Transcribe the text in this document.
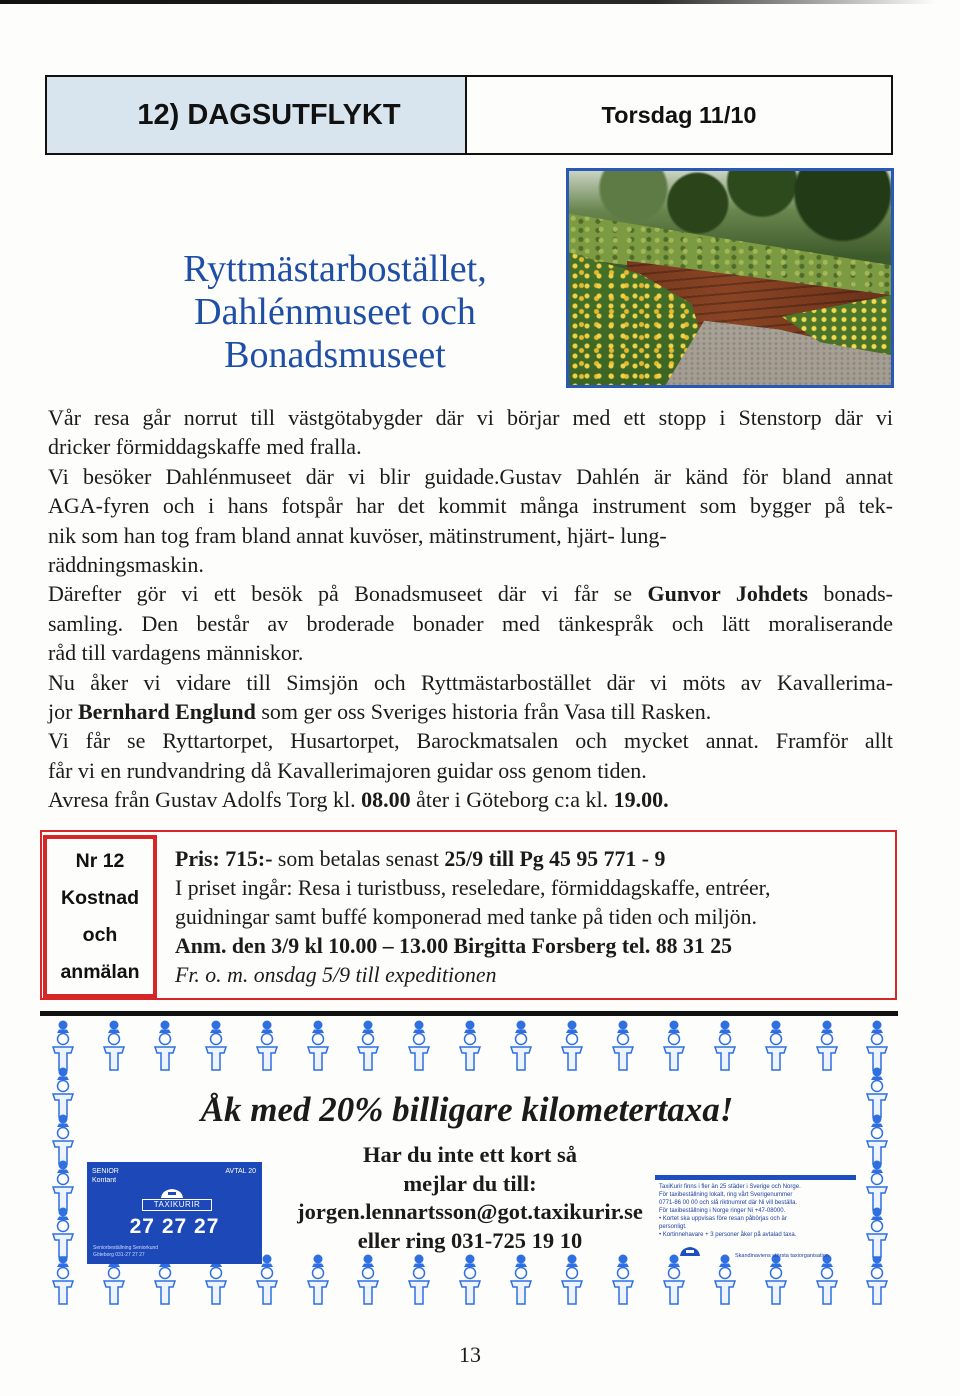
12) DAGSUTFLYKT	Torsdag 11/10
Ryttmästarbostället,
Dahlénmuseet och
Bonadsmuseet
Vår resa går norrut till västgötabygder där vi börjar med ett stopp i Stenstorp där vi
dricker förmiddagskaffe med fralla.
Vi besöker Dahlénmuseet där vi blir guidade.Gustav Dahlén är känd för bland annat
AGA-fyren och i hans fotspår har det kommit många instrument som bygger på tek-
nik som han tog fram bland annat kuvöser, mätinstrument, hjärt- lung-
räddningsmaskin.
Därefter gör vi ett besök på Bonadsmuseet där vi får se Gunvor Johdets bonads-
samling. Den består av broderade bonader med tänkespråk och lätt moraliserande
råd till vardagens människor.
Nu åker vi vidare till Simsjön och Ryttmästarbostället där vi möts av Kavallerima-
jor Bernhard Englund som ger oss Sveriges historia från Vasa till Rasken.
Vi får se Ryttartorpet, Husartorpet, Barockmatsalen och mycket annat. Framför allt
får vi en rundvandring då Kavallerimajoren guidar oss genom tiden.
Avresa från Gustav Adolfs Torg kl. 08.00 åter i Göteborg c:a kl. 19.00.
Nr 12
Kostnad
och
anmälan
Pris: 715:- som betalas senast 25/9 till Pg 45 95 771 - 9
I priset ingår: Resa i turistbuss, reseledare, förmiddagskaffe, entréer,
guidningar samt buffé komponerad med tanke på tiden och miljön.
Anm. den 3/9 kl 10.00 – 13.00 Birgitta Forsberg tel. 88 31 25
Fr. o. m. onsdag 5/9 till expeditionen
Åk med 20% billigare kilometertaxa!
SENIOR
Kontant
AVTAL 20
TAXIKURIR
27 27 27
Seniorbeställning Seniorkund
Göteborg 031-27 27 27
Har du inte ett kort så
mejlar du till:
jorgen.lennartsson@got.taxikurir.se
eller ring 031-725 19 10
TaxiKurir finns i fler än 25 städer i Sverige och Norge.
För taxibeställning lokalt, ring vårt Sverigenummer
0771-86 00 00 och slå riktnumret där Ni vill beställa.
För taxibeställning i Norge ringer Ni +47-08000.
• Kortet ska uppvisas före resan påbörjas och är
personligt.
• Kortinnehavare + 3 personer åker på avtalad taxa.
Skandinaviens största taxiorganisation
13
